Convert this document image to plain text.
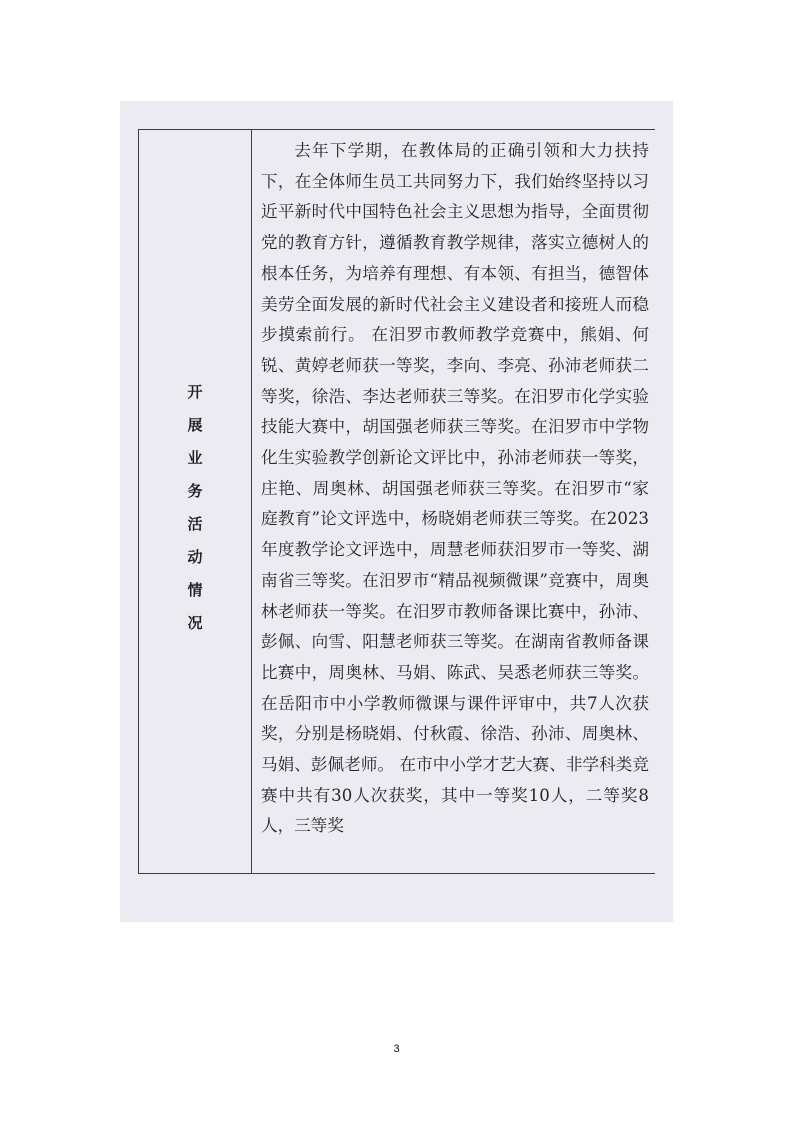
开
展
业
务
活
动
情
况

去年下学期，在教体局的正确引领和大力扶持下，在全体师生员工共同努力下，我们始终坚持以习近平新时代中国特色社会主义思想为指导，全面贯彻党的教育方针，遵循教育教学规律，落实立德树人的根本任务，为培养有理想、有本领、有担当，德智体美劳全面发展的新时代社会主义建设者和接班人而稳步摸索前行。 在汨罗市教师教学竞赛中，熊娟、何锐、黄婷老师获一等奖，李向、李亮、孙沛老师获二等奖，徐浩、李达老师获三等奖。在汨罗市化学实验技能大赛中，胡国强老师获三等奖。在汨罗市中学物化生实验教学创新论文评比中，孙沛老师获一等奖，庄艳、周奥林、胡国强老师获三等奖。在汨罗市“家庭教育”论文评选中，杨晓娟老师获三等奖。在2023年度教学论文评选中，周慧老师获汨罗市一等奖、湖南省三等奖。在汨罗市“精品视频微课”竞赛中，周奥林老师获一等奖。在汨罗市教师备课比赛中，孙沛、彭佩、向雪、阳慧老师获三等奖。在湖南省教师备课比赛中，周奥林、马娟、陈武、吴悉老师获三等奖。在岳阳市中小学教师微课与课件评审中，共7人次获奖，分别是杨晓娟、付秋霞、徐浩、孙沛、周奥林、马娟、彭佩老师。 在市中小学才艺大赛、非学科类竞赛中共有30人次获奖，其中一等奖10人，二等奖8人，三等奖

3
